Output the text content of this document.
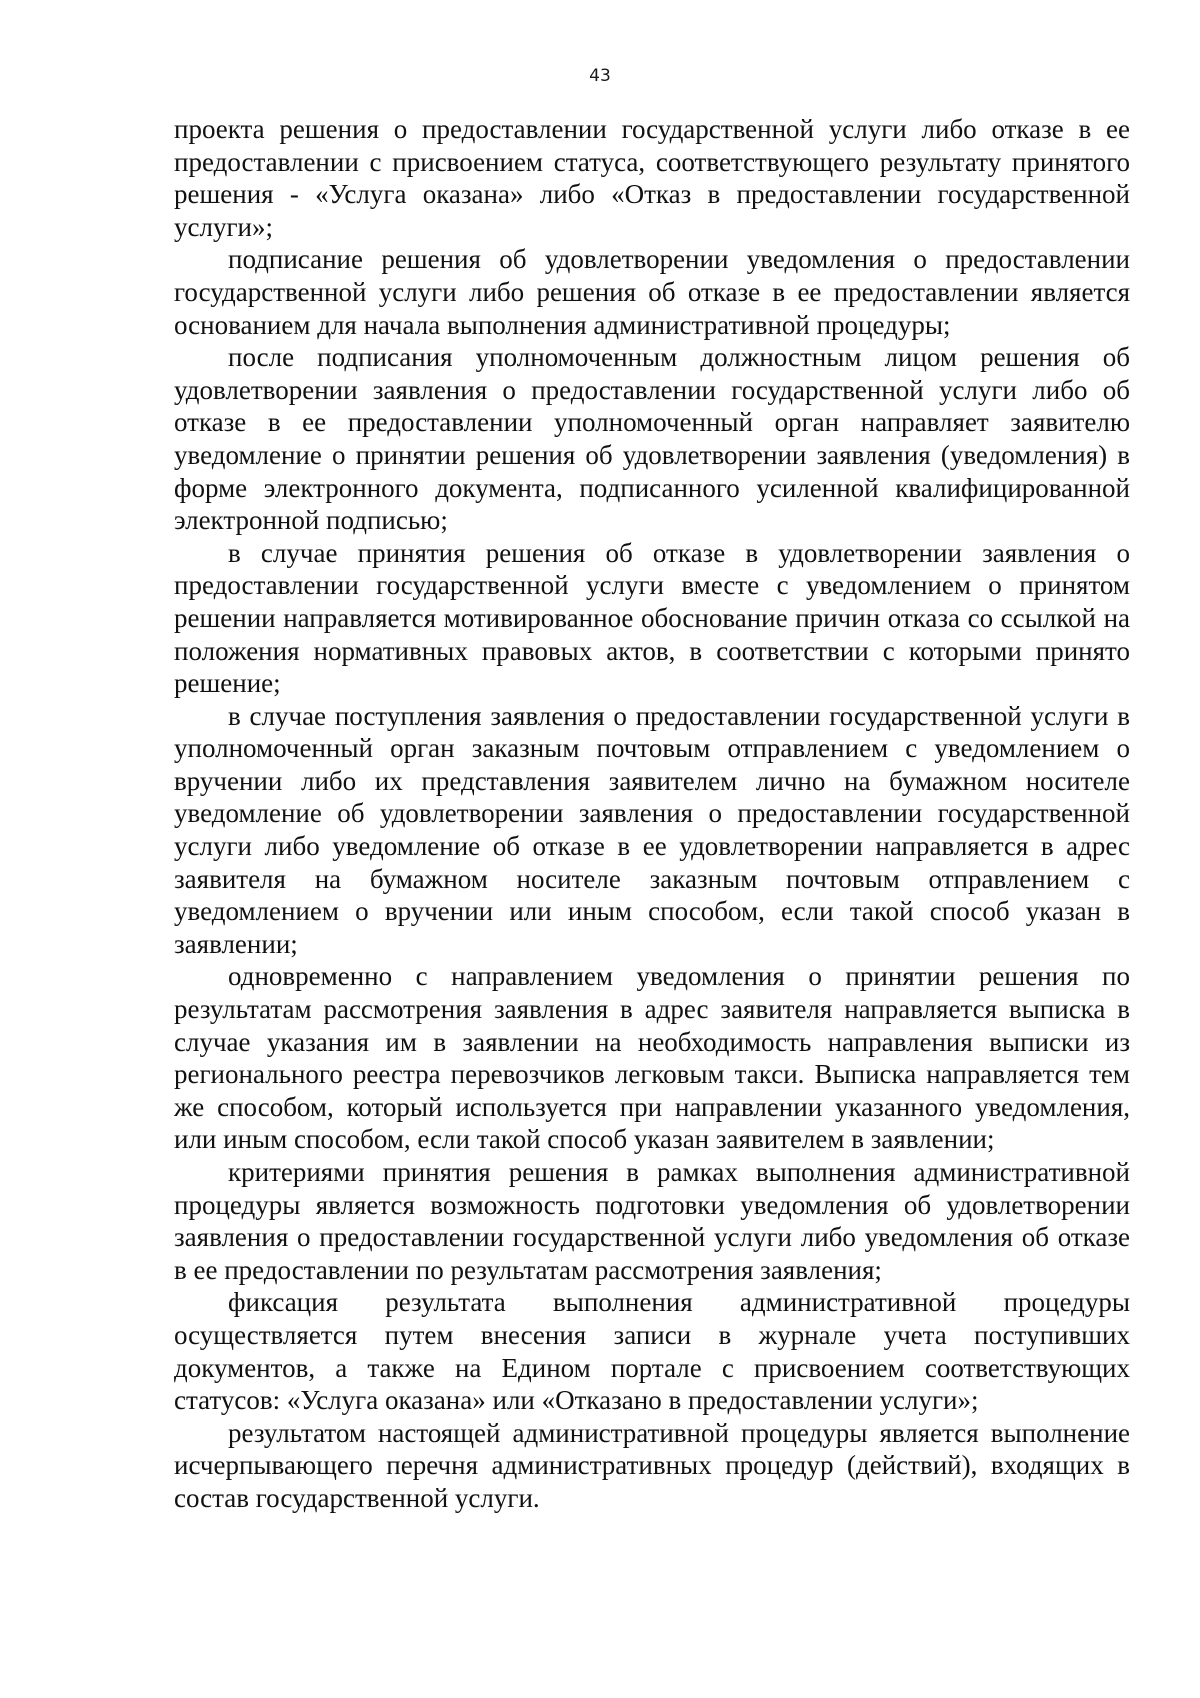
43

проекта решения о предоставлении государственной услуги либо отказе в ее предоставлении с присвоением статуса, соответствующего результату принятого решения - «Услуга оказана» либо «Отказ в предоставлении государственной услуги»;

подписание решения об удовлетворении уведомления о предоставлении государственной услуги либо решения об отказе в ее предоставлении является основанием для начала выполнения административной процедуры;

после подписания уполномоченным должностным лицом решения об удовлетворении заявления о предоставлении государственной услуги либо об отказе в ее предоставлении уполномоченный орган направляет заявителю уведомление о принятии решения об удовлетворении заявления (уведомления) в форме электронного документа, подписанного усиленной квалифицированной электронной подписью;

в случае принятия решения об отказе в удовлетворении заявления о предоставлении государственной услуги вместе с уведомлением о принятом решении направляется мотивированное обоснование причин отказа со ссылкой на положения нормативных правовых актов, в соответствии с которыми принято решение;

в случае поступления заявления о предоставлении государственной услуги в уполномоченный орган заказным почтовым отправлением с уведомлением о вручении либо их представления заявителем лично на бумажном носителе уведомление об удовлетворении заявления о предоставлении государственной услуги либо уведомление об отказе в ее удовлетворении направляется в адрес заявителя на бумажном носителе заказным почтовым отправлением с уведомлением о вручении или иным способом, если такой способ указан в заявлении;

одновременно с направлением уведомления о принятии решения по результатам рассмотрения заявления в адрес заявителя направляется выписка в случае указания им в заявлении на необходимость направления выписки из регионального реестра перевозчиков легковым такси. Выписка направляется тем же способом, который используется при направлении указанного уведомления, или иным способом, если такой способ указан заявителем в заявлении;

критериями принятия решения в рамках выполнения административной процедуры является возможность подготовки уведомления об удовлетворении заявления о предоставлении государственной услуги либо уведомления об отказе в ее предоставлении по результатам рассмотрения заявления;

фиксация результата выполнения административной процедуры осуществляется путем внесения записи в журнале учета поступивших документов, а также на Едином портале с присвоением соответствующих статусов: «Услуга оказана» или «Отказано в предоставлении услуги»;

результатом настоящей административной процедуры является выполнение исчерпывающего перечня административных процедур (действий), входящих в состав государственной услуги.
